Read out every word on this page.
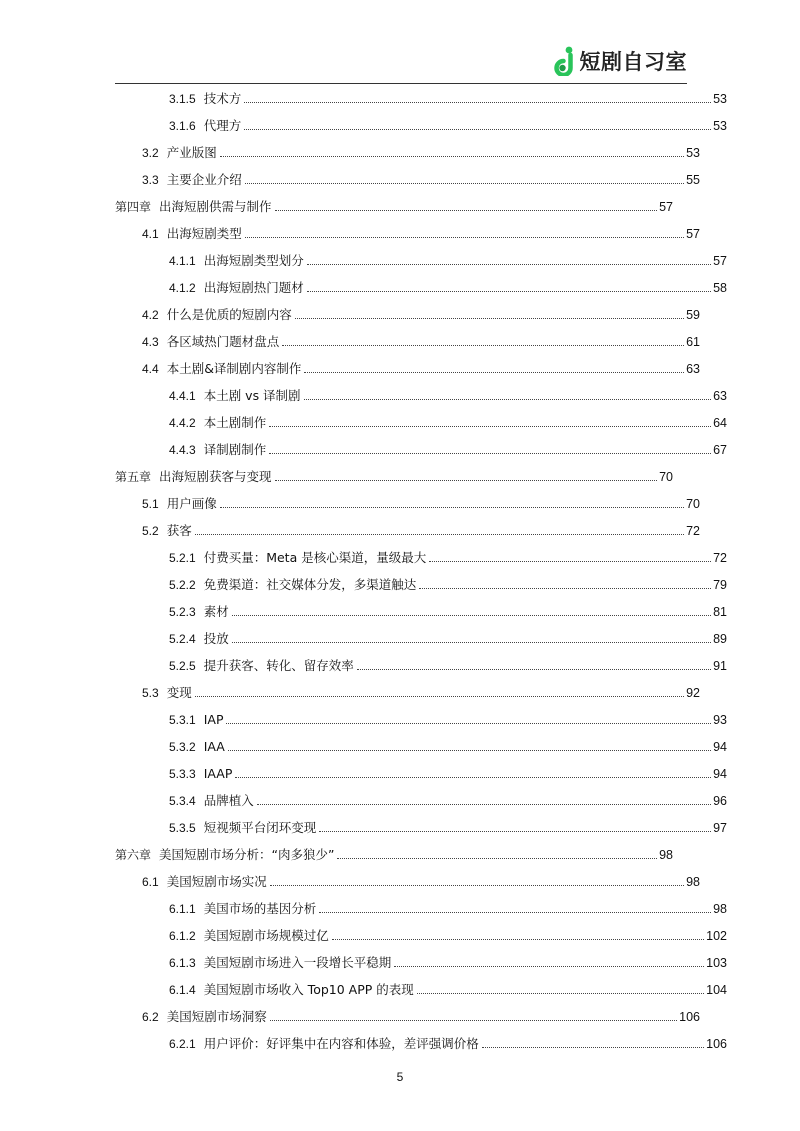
短剧自习室
3.1.5 技术方	53
3.1.6 代理方	53
3.2 产业版图	53
3.3 主要企业介绍	55
第四章 出海短剧供需与制作	57
4.1 出海短剧类型	57
4.1.1 出海短剧类型划分	57
4.1.2 出海短剧热门题材	58
4.2 什么是优质的短剧内容	59
4.3 各区域热门题材盘点	61
4.4 本土剧&译制剧内容制作	63
4.4.1 本土剧 vs 译制剧	63
4.4.2 本土剧制作	64
4.4.3 译制剧制作	67
第五章 出海短剧获客与变现	70
5.1 用户画像	70
5.2 获客	72
5.2.1 付费买量：Meta 是核心渠道，量级最大	72
5.2.2 免费渠道：社交媒体分发，多渠道触达	79
5.2.3 素材	81
5.2.4 投放	89
5.2.5 提升获客、转化、留存效率	91
5.3 变现	92
5.3.1 IAP	93
5.3.2 IAA	94
5.3.3 IAAP	94
5.3.4 品牌植入	96
5.3.5 短视频平台闭环变现	97
第六章 美国短剧市场分析：“肉多狼少”	98
6.1 美国短剧市场实况	98
6.1.1 美国市场的基因分析	98
6.1.2 美国短剧市场规模过亿	102
6.1.3 美国短剧市场进入一段增长平稳期	103
6.1.4 美国短剧市场收入 Top10 APP 的表现	104
6.2 美国短剧市场洞察	106
6.2.1 用户评价：好评集中在内容和体验，差评强调价格	106
5
